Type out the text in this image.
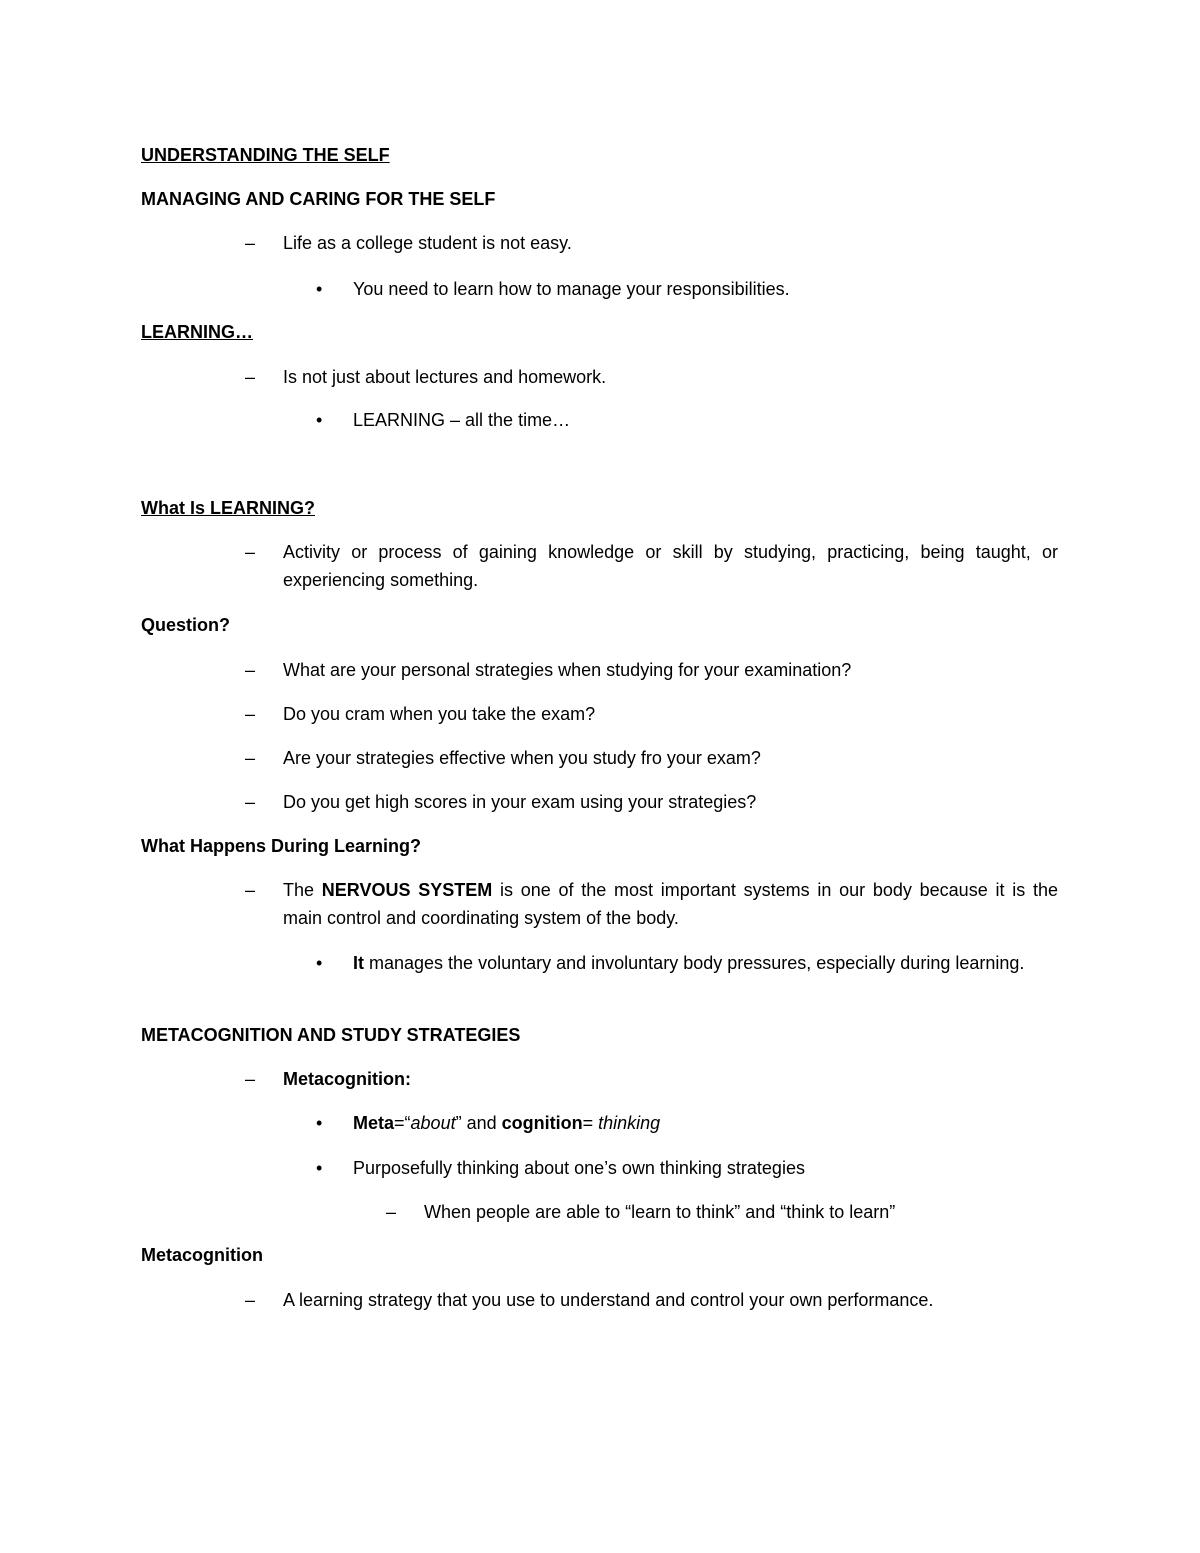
UNDERSTANDING THE SELF
MANAGING AND CARING FOR THE SELF
– Life as a college student is not easy.
• You need to learn how to manage your responsibilities.
LEARNING…
– Is not just about lectures and homework.
• LEARNING – all the time…
What Is LEARNING?
– Activity or process of gaining knowledge or skill by studying, practicing, being taught, or experiencing something.
Question?
– What are your personal strategies when studying for your examination?
– Do you cram when you take the exam?
– Are your strategies effective when you study fro your exam?
– Do you get high scores in your exam using your strategies?
What Happens During Learning?
– The NERVOUS SYSTEM is one of the most important systems in our body because it is the main control and coordinating system of the body.
• It manages the voluntary and involuntary body pressures, especially during learning.
METACOGNITION AND STUDY STRATEGIES
– Metacognition:
• Meta=“about” and cognition= thinking
• Purposefully thinking about one’s own thinking strategies
– When people are able to “learn to think” and “think to learn”
Metacognition
– A learning strategy that you use to understand and control your own performance.
